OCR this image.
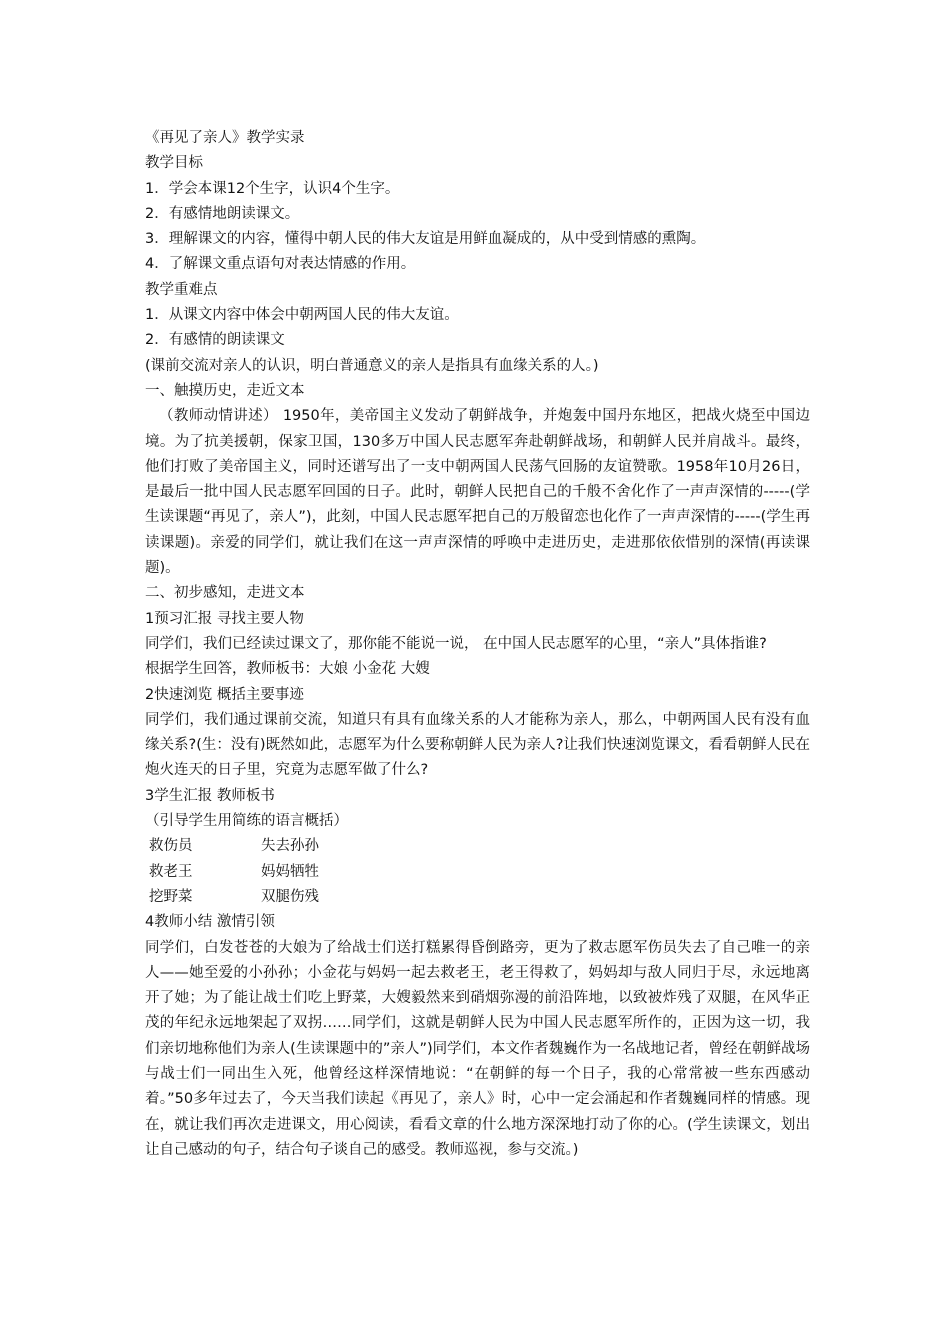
《再见了亲人》教学实录

教学目标

1．学会本课12个生字，认识4个生字。

2．有感情地朗读课文。

3．理解课文的内容，懂得中朝人民的伟大友谊是用鲜血凝成的，从中受到情感的熏陶。

4．了解课文重点语句对表达情感的作用。

教学重难点

1．从课文内容中体会中朝两国人民的伟大友谊。

2．有感情的朗读课文

(课前交流对亲人的认识，明白普通意义的亲人是指具有血缘关系的人。)

一、触摸历史，走近文本

（教师动情讲述） 1950年，美帝国主义发动了朝鲜战争，并炮轰中国丹东地区，把战火烧至中国边境。为了抗美援朝，保家卫国，130多万中国人民志愿军奔赴朝鲜战场，和朝鲜人民并肩战斗。最终，他们打败了美帝国主义，同时还谱写出了一支中朝两国人民荡气回肠的友谊赞歌。1958年10月26日，是最后一批中国人民志愿军回国的日子。此时，朝鲜人民把自己的千般不舍化作了一声声深情的-----(学生读课题“再见了，亲人”)，此刻，中国人民志愿军把自己的万般留恋也化作了一声声深情的-----(学生再读课题)。亲爱的同学们，就让我们在这一声声深情的呼唤中走进历史，走进那依依惜别的深情(再读课题)。

二、初步感知，走进文本

1预习汇报 寻找主要人物

同学们，我们已经读过课文了，那你能不能说一说， 在中国人民志愿军的心里，“亲人”具体指谁?

根据学生回答，教师板书：大娘 小金花 大嫂

2快速浏览 概括主要事迹

同学们，我们通过课前交流，知道只有具有血缘关系的人才能称为亲人，那么，中朝两国人民有没有血缘关系?(生：没有)既然如此，志愿军为什么要称朝鲜人民为亲人?让我们快速浏览课文，看看朝鲜人民在炮火连天的日子里，究竟为志愿军做了什么?

3学生汇报 教师板书

（引导学生用简练的语言概括）

救伤员	失去孙孙
救老王	妈妈牺牲
挖野菜	双腿伤残

4教师小结 激情引领

同学们，白发苍苍的大娘为了给战士们送打糕累得昏倒路旁，更为了救志愿军伤员失去了自己唯一的亲人——她至爱的小孙孙；小金花与妈妈一起去救老王，老王得救了，妈妈却与敌人同归于尽，永远地离开了她；为了能让战士们吃上野菜，大嫂毅然来到硝烟弥漫的前沿阵地，以致被炸残了双腿，在风华正茂的年纪永远地架起了双拐……同学们，这就是朝鲜人民为中国人民志愿军所作的，正因为这一切，我们亲切地称他们为亲人(生读课题中的”亲人”)同学们，本文作者魏巍作为一名战地记者，曾经在朝鲜战场与战士们一同出生入死，他曾经这样深情地说：“在朝鲜的每一个日子，我的心常常被一些东西感动着。”50多年过去了，今天当我们读起《再见了，亲人》时，心中一定会涌起和作者魏巍同样的情感。现在，就让我们再次走进课文，用心阅读，看看文章的什么地方深深地打动了你的心。(学生读课文，划出让自己感动的句子，结合句子谈自己的感受。教师巡视，参与交流。)
